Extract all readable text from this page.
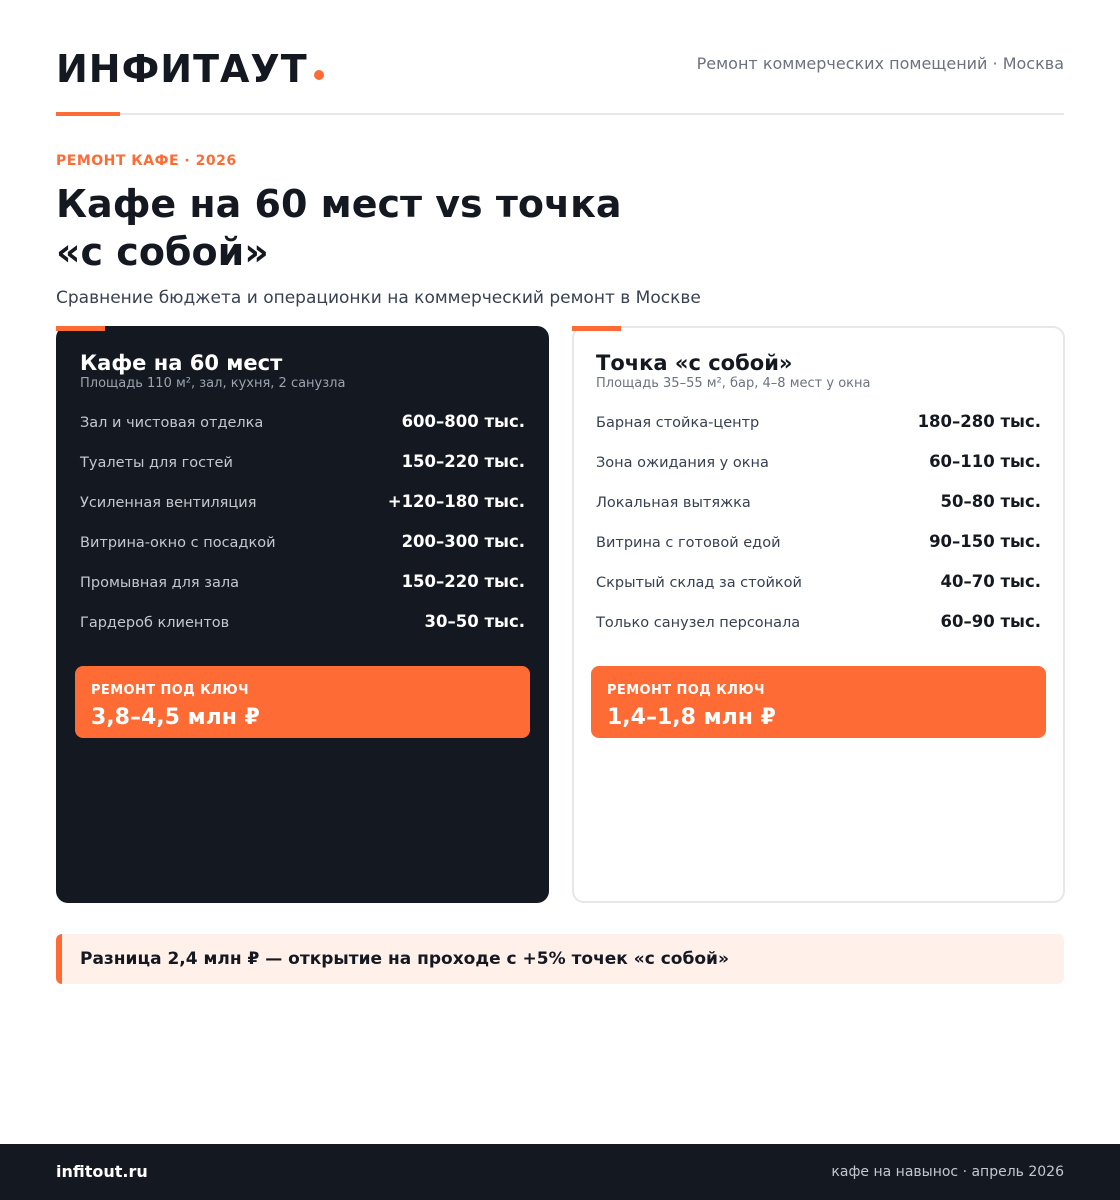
ИНФИТАУТ	Ремонт коммерческих помещений · Москва
РЕМОНТ КАФЕ · 2026
Кафе на 60 мест vs точка «с собой»
Сравнение бюджета и операционки на коммерческий ремонт в Москве
Кафе на 60 мест
Площадь 110 м², зал, кухня, 2 санузла
Зал и чистовая отделка	600–800 тыс.
Туалеты для гостей	150–220 тыс.
Усиленная вентиляция	+120–180 тыс.
Витрина-окно с посадкой	200–300 тыс.
Промывная для зала	150–220 тыс.
Гардероб клиентов	30–50 тыс.
РЕМОНТ ПОД КЛЮЧ
3,8–4,5 млн ₽
Точка «с собой»
Площадь 35–55 м², бар, 4–8 мест у окна
Барная стойка-центр	180–280 тыс.
Зона ожидания у окна	60–110 тыс.
Локальная вытяжка	50–80 тыс.
Витрина с готовой едой	90–150 тыс.
Скрытый склад за стойкой	40–70 тыс.
Только санузел персонала	60–90 тыс.
РЕМОНТ ПОД КЛЮЧ
1,4–1,8 млн ₽
Разница 2,4 млн ₽ — открытие на проходе с +5% точек «с собой»
infitout.ru	кафе на навынос · апрель 2026
